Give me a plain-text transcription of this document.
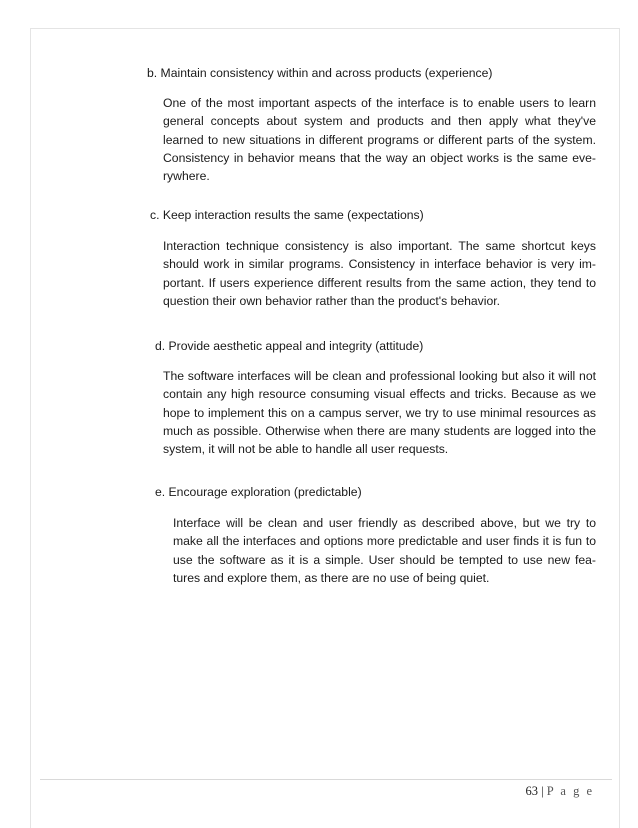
b. Maintain consistency within and across products (experience)
One of the most important aspects of the interface is to enable users to learn general concepts about system and products and then apply what they've learned to new situations in different programs or different parts of the system. Consistency in behavior means that the way an object works is the same eve-rywhere.
c. Keep interaction results the same (expectations)
Interaction technique consistency is also important. The same shortcut keys should work in similar programs. Consistency in interface behavior is very im-portant. If users experience different results from the same action, they tend to question their own behavior rather than the product's behavior.
d. Provide aesthetic appeal and integrity (attitude)
The software interfaces will be clean and professional looking but also it will not contain any high resource consuming visual effects and tricks. Because as we hope to implement this on a campus server, we try to use minimal resources as much as possible. Otherwise when there are many students are logged into the system, it will not be able to handle all user requests.
e. Encourage exploration (predictable)
Interface will be clean and user friendly as described above, but we try to make all the interfaces and options more predictable and user finds it is fun to use the software as it is a simple. User should be tempted to use new fea-tures and explore them, as there are no use of being quiet.
63 | P a g e
